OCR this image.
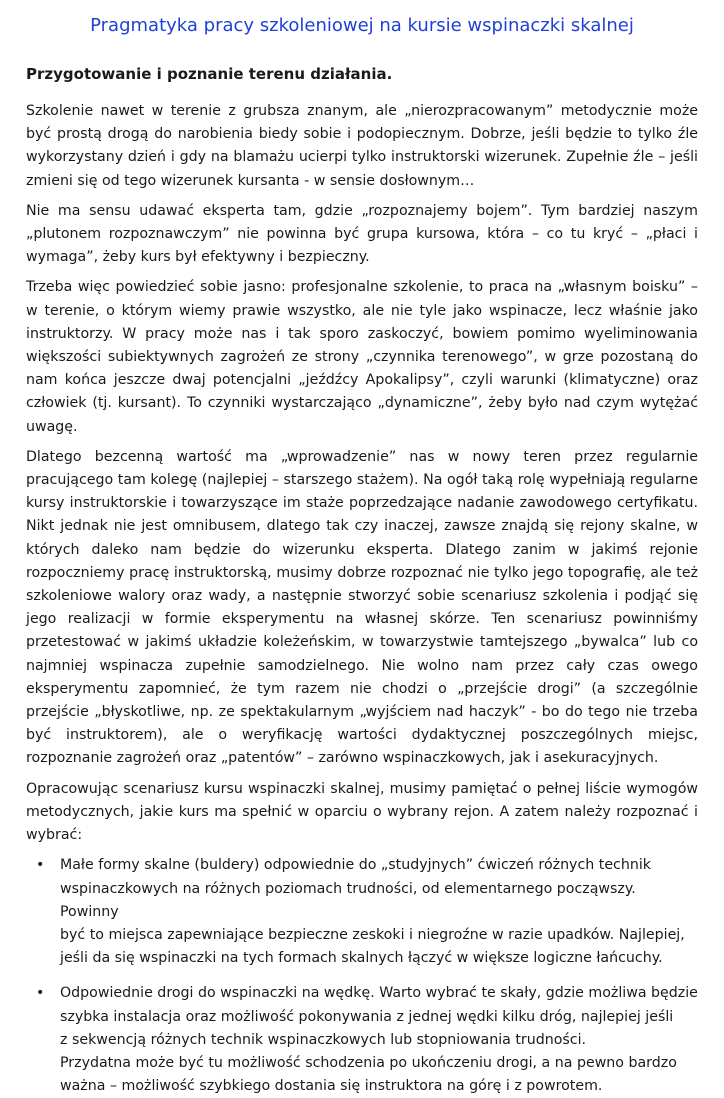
Pragmatyka pracy szkoleniowej na kursie wspinaczki skalnej
Przygotowanie i poznanie terenu działania.

Szkolenie nawet w terenie z grubsza znanym, ale „nierozpracowanym” metodycznie może być prostą drogą do narobienia biedy sobie i podopiecznym. Dobrze, jeśli będzie to tylko źle wykorzystany dzień i gdy na blamażu ucierpi tylko instruktorski wizerunek. Zupełnie źle – jeśli zmieni się od tego wizerunek kursanta - w sensie dosłownym…

Nie ma sensu udawać eksperta tam, gdzie „rozpoznajemy bojem”. Tym bardziej naszym „plutonem rozpoznawczym” nie powinna być grupa kursowa, która – co tu kryć – „płaci i wymaga”, żeby kurs był efektywny i bezpieczny.

Trzeba więc powiedzieć sobie jasno: profesjonalne szkolenie, to praca na „własnym boisku” – w terenie, o którym wiemy prawie wszystko, ale nie tyle jako wspinacze, lecz właśnie jako instruktorzy. W pracy może nas i tak sporo zaskoczyć, bowiem pomimo wyeliminowania większości subiektywnych zagrożeń ze strony „czynnika terenowego”, w grze pozostaną do nam końca jeszcze dwaj potencjalni „jeźdźcy Apokalipsy”, czyli warunki (klimatyczne) oraz człowiek (tj. kursant). To czynniki wystarczająco „dynamiczne”, żeby było nad czym wytężać uwagę.

Dlatego bezcenną wartość ma „wprowadzenie” nas w nowy teren przez regularnie pracującego tam kolegę (najlepiej – starszego stażem). Na ogół taką rolę wypełniają regularne kursy instruktorskie i towarzyszące im staże poprzedzające nadanie zawodowego certyfikatu. Nikt jednak nie jest omnibusem, dlatego tak czy inaczej, zawsze znajdą się rejony skalne, w których daleko nam będzie do wizerunku eksperta. Dlatego zanim w jakimś rejonie rozpoczniemy pracę instruktorską, musimy dobrze rozpoznać nie tylko jego topografię, ale też szkoleniowe walory oraz wady, a następnie stworzyć sobie scenariusz szkolenia i podjąć się jego realizacji w formie eksperymentu na własnej skórze. Ten scenariusz powinniśmy przetestować w jakimś układzie koleżeńskim, w towarzystwie tamtejszego „bywalca” lub co najmniej wspinacza zupełnie samodzielnego. Nie wolno nam przez cały czas owego eksperymentu zapomnieć, że tym razem nie chodzi o „przejście drogi” (a szczególnie przejście „błyskotliwe, np. ze spektakularnym „wyjściem nad haczyk” - bo do tego nie trzeba być instruktorem), ale o weryfikację wartości dydaktycznej poszczególnych miejsc, rozpoznanie zagrożeń oraz „patentów” – zarówno wspinaczkowych, jak i asekuracyjnych.

Opracowując scenariusz kursu wspinaczki skalnej, musimy pamiętać o pełnej liście wymogów metodycznych, jakie kurs ma spełnić w oparciu o wybrany rejon. A zatem należy rozpoznać i wybrać:

• Małe formy skalne (buldery) odpowiednie do „studyjnych” ćwiczeń różnych technik
wspinaczkowych na różnych poziomach trudności, od elementarnego począwszy. Powinny
być to miejsca zapewniające bezpieczne zeskoki i niegroźne w razie upadków. Najlepiej,
jeśli da się wspinaczki na tych formach skalnych łączyć w większe logiczne łańcuchy.
• Odpowiednie drogi do wspinaczki na wędkę. Warto wybrać te skały, gdzie możliwa będzie
szybka instalacja oraz możliwość pokonywania z jednej wędki kilku dróg, najlepiej jeśli
z sekwencją różnych technik wspinaczkowych lub stopniowania trudności.
Przydatna może być tu możliwość schodzenia po ukończeniu drogi, a na pewno bardzo
ważna – możliwość szybkiego dostania się instruktora na górę i z powrotem.
